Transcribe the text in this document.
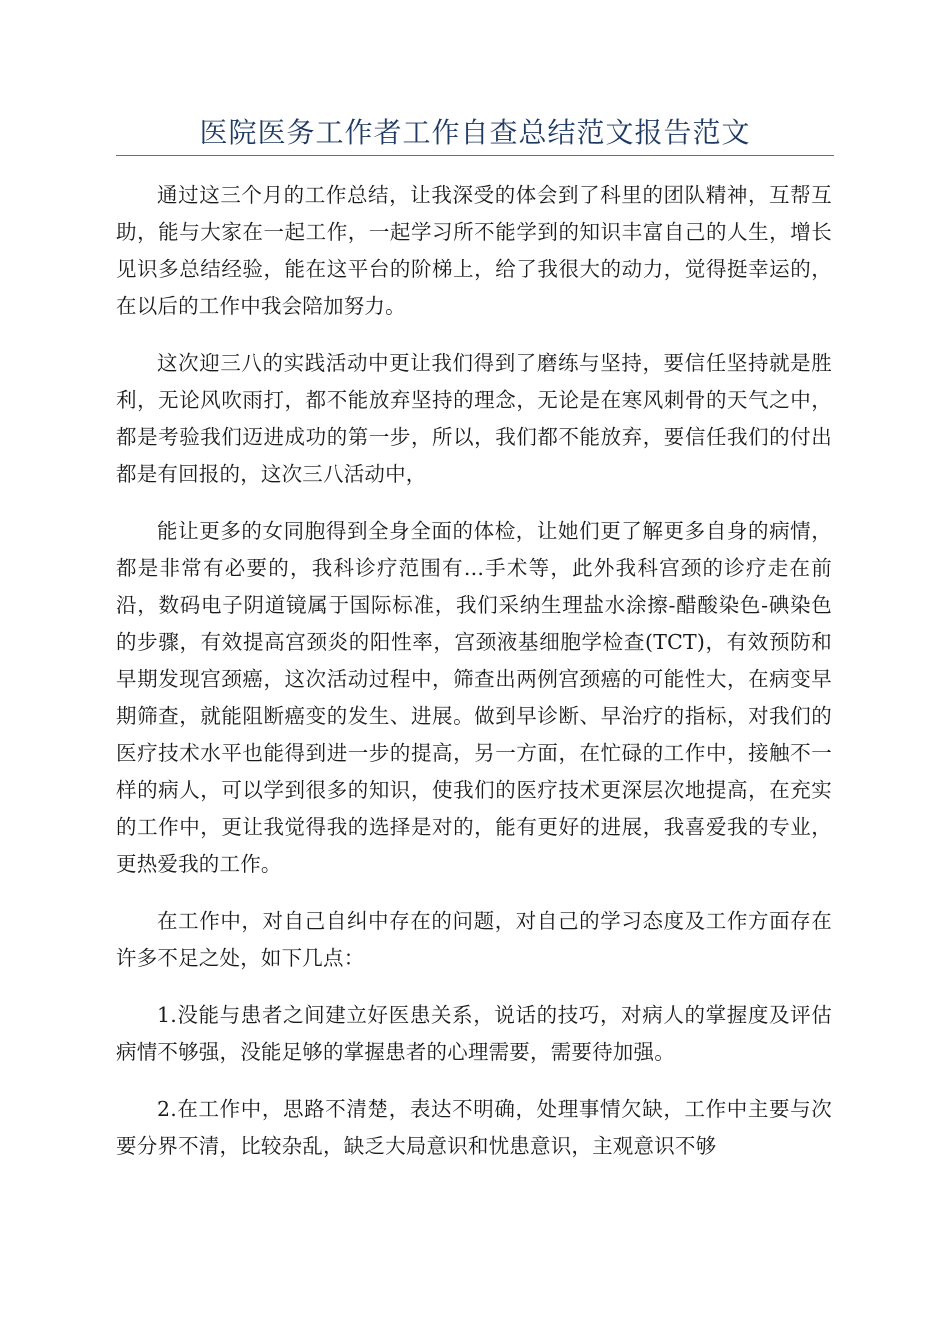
医院医务工作者工作自查总结范文报告范文

通过这三个月的工作总结，让我深受的体会到了科里的团队精神，互帮互助，能与大家在一起工作，一起学习所不能学到的知识丰富自己的人生，增长见识多总结经验，能在这平台的阶梯上，给了我很大的动力，觉得挺幸运的，在以后的工作中我会陪加努力。

这次迎三八的实践活动中更让我们得到了磨练与坚持，要信任坚持就是胜利，无论风吹雨打，都不能放弃坚持的理念，无论是在寒风刺骨的天气之中，都是考验我们迈进成功的第一步，所以，我们都不能放弃，要信任我们的付出都是有回报的，这次三八活动中，

能让更多的女同胞得到全身全面的体检，让她们更了解更多自身的病情，都是非常有必要的，我科诊疗范围有...手术等，此外我科宫颈的诊疗走在前沿，数码电子阴道镜属于国际标准，我们采纳生理盐水涂擦-醋酸染色-碘染色的步骤，有效提高宫颈炎的阳性率，宫颈液基细胞学检查(TCT)，有效预防和早期发现宫颈癌，这次活动过程中，筛查出两例宫颈癌的可能性大，在病变早期筛查，就能阻断癌变的发生、进展。做到早诊断、早治疗的指标，对我们的医疗技术水平也能得到进一步的提高，另一方面，在忙碌的工作中，接触不一样的病人，可以学到很多的知识，使我们的医疗技术更深层次地提高，在充实的工作中，更让我觉得我的选择是对的，能有更好的进展，我喜爱我的专业，更热爱我的工作。

在工作中，对自己自纠中存在的问题，对自己的学习态度及工作方面存在许多不足之处，如下几点：

1.没能与患者之间建立好医患关系，说话的技巧，对病人的掌握度及评估病情不够强，没能足够的掌握患者的心理需要，需要待加强。

2.在工作中，思路不清楚，表达不明确，处理事情欠缺，工作中主要与次要分界不清，比较杂乱，缺乏大局意识和忧患意识，主观意识不够
